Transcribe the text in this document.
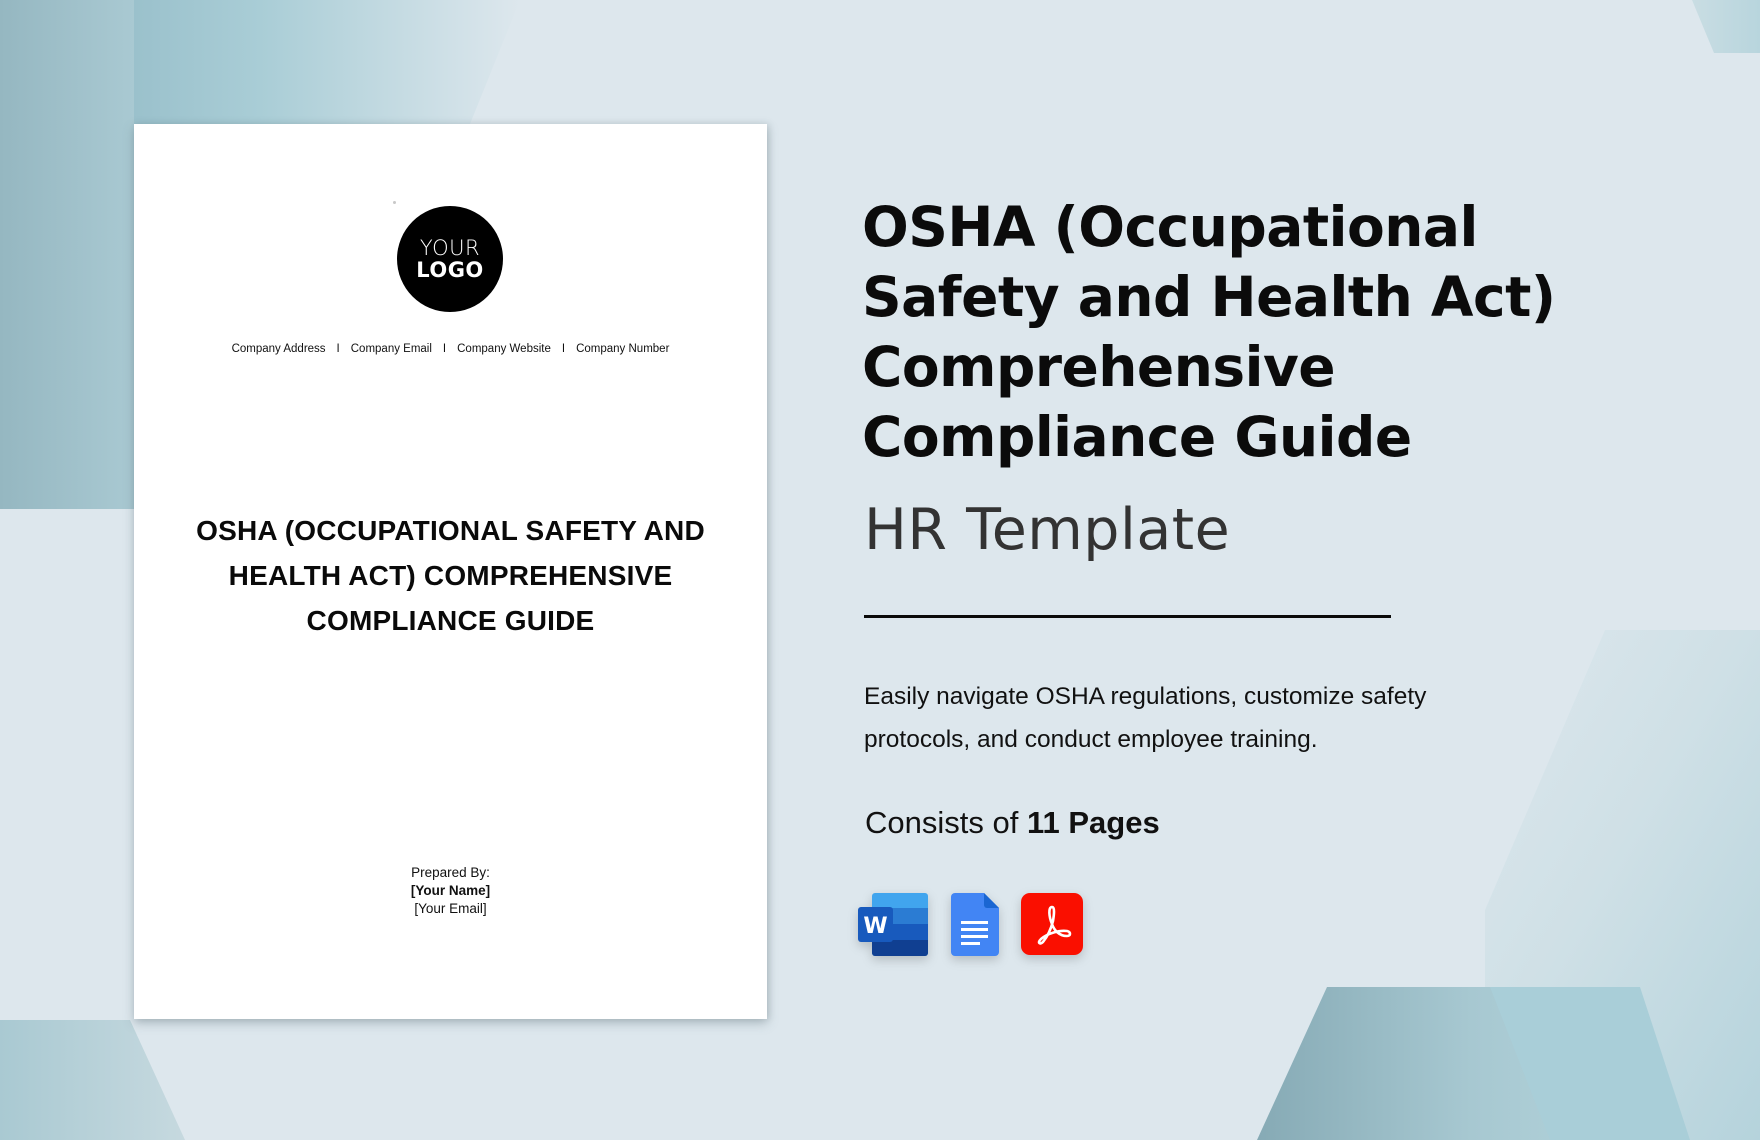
YOUR
LOGO
Company Address I Company Email I Company Website I Company Number
OSHA (OCCUPATIONAL SAFETY AND HEALTH ACT) COMPREHENSIVE COMPLIANCE GUIDE
Prepared By:
[Your Name]
[Your Email]
OSHA (Occupational Safety and Health Act) Comprehensive Compliance Guide
HR Template

Easily navigate OSHA regulations, customize safety protocols, and conduct employee training.

Consists of 11 Pages
W
